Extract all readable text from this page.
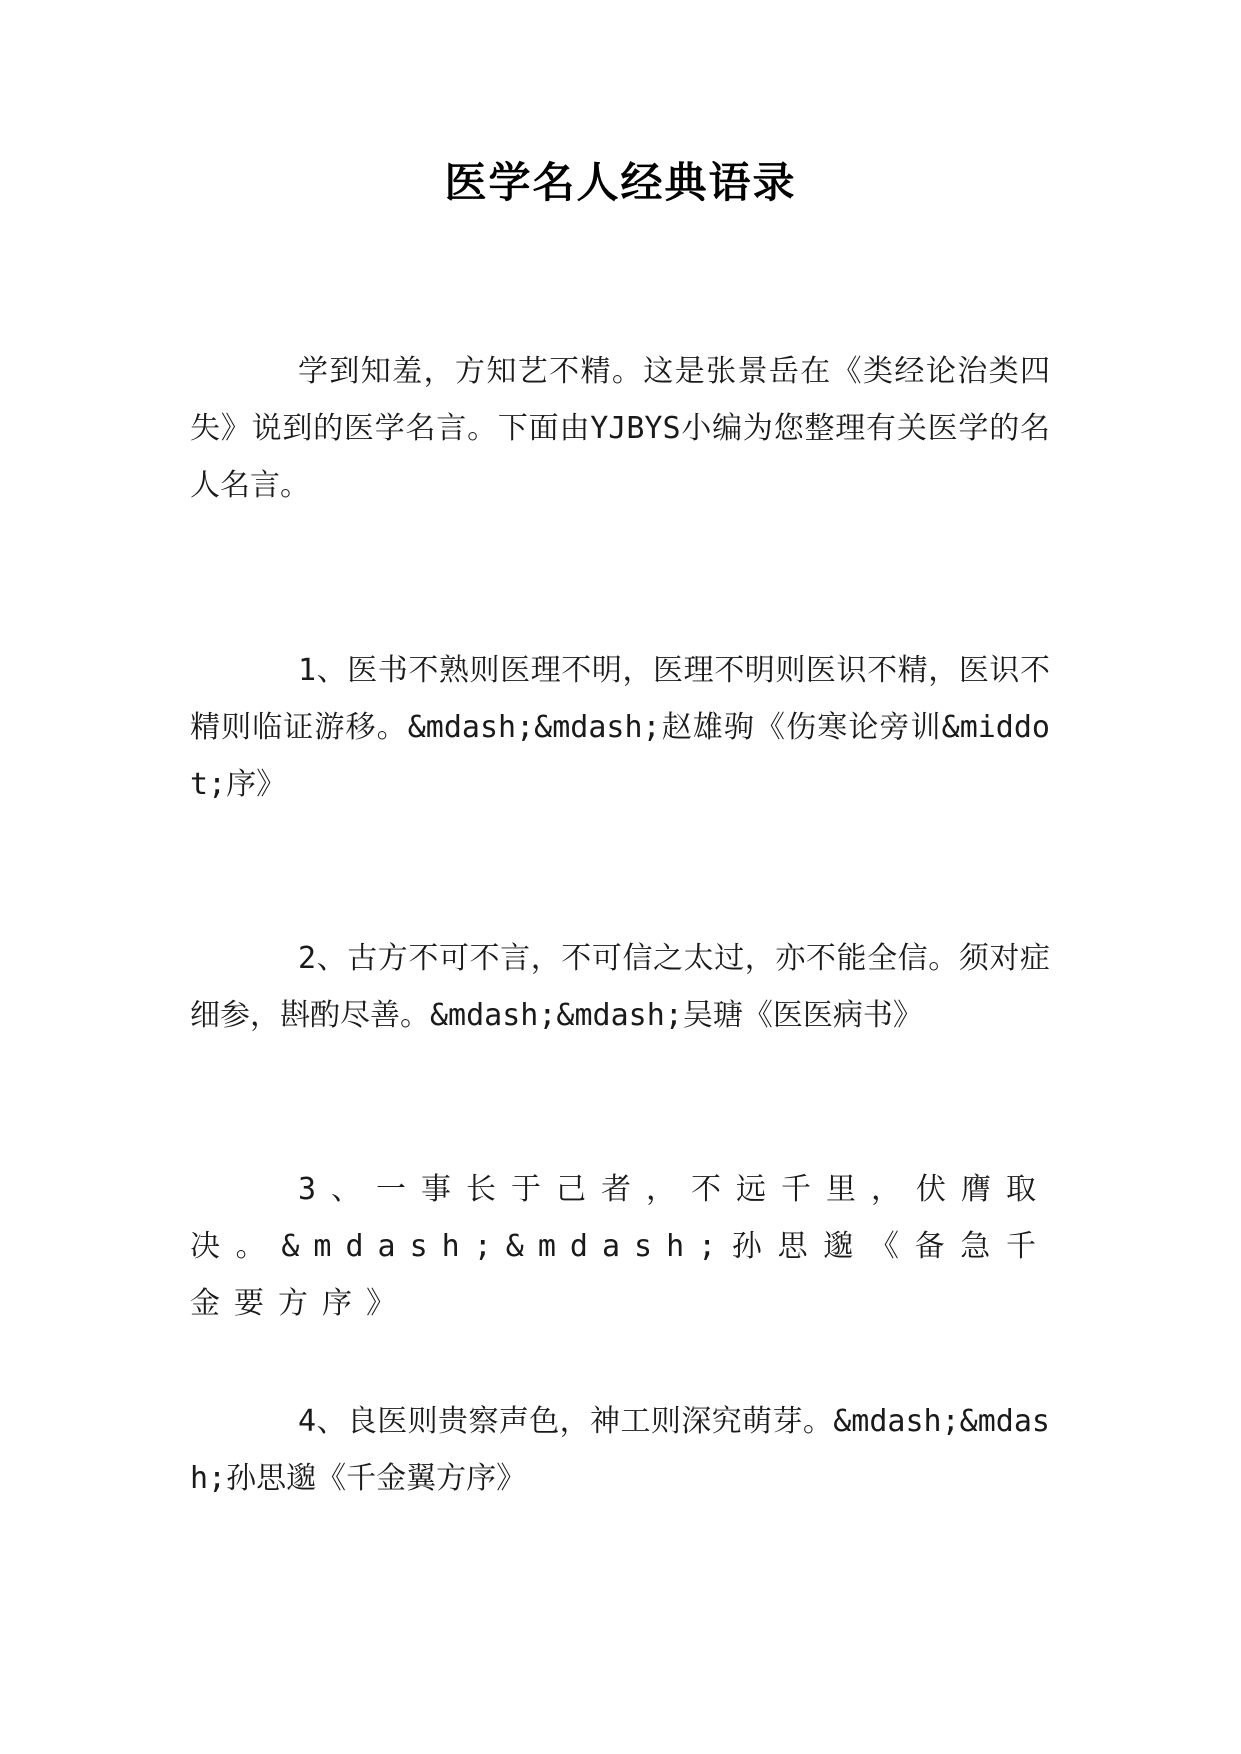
医学名人经典语录

学到知羞，方知艺不精。这是张景岳在《类经论治类四失》说到的医学名言。下面由YJBYS小编为您整理有关医学的名人名言。

1、医书不熟则医理不明，医理不明则医识不精，医识不精则临证游移。&mdash;&mdash;赵雄驹《伤寒论旁训&middot;序》

2、古方不可不言，不可信之太过，亦不能全信。须对症细参，斟酌尽善。&mdash;&mdash;吴瑭《医医病书》

3、一事长于己者，不远千里，伏膺取决。&mdash;&mdash;孙思邈《备急千金要方序》

4、良医则贵察声色，神工则深究萌芽。&mdash;&mdash;孙思邈《千金翼方序》
